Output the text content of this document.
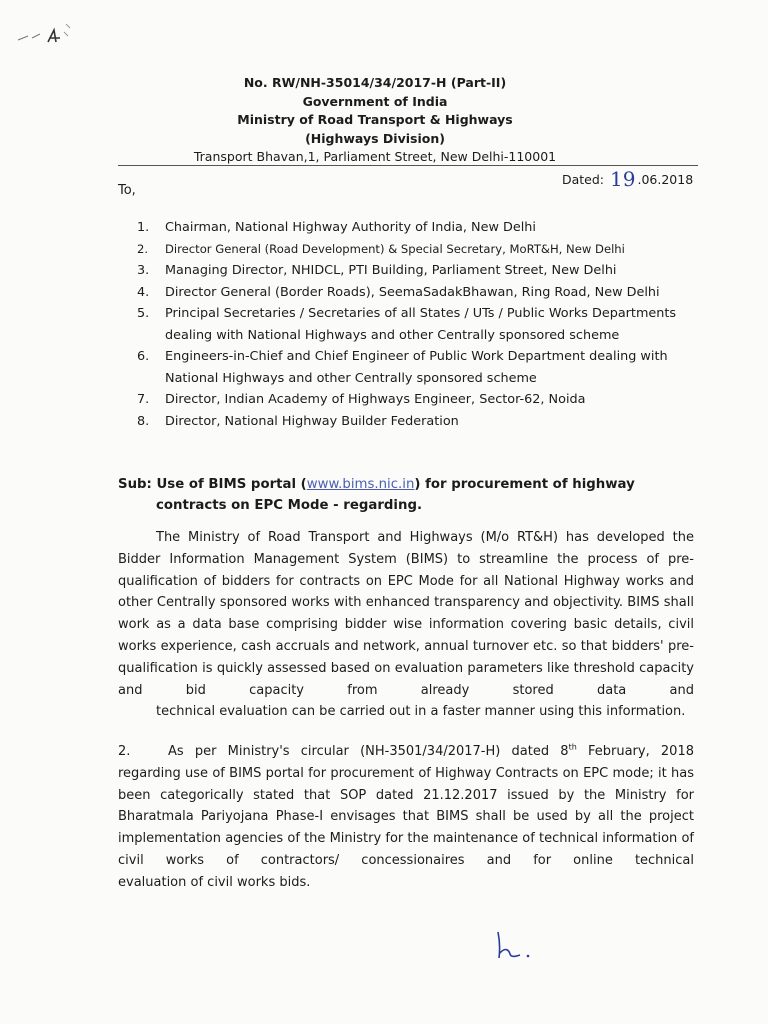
No. RW/NH-35014/34/2017-H (Part-II)
Government of India
Ministry of Road Transport & Highways
(Highways Division)
Transport Bhavan,1, Parliament Street, New Delhi-110001
Dated: 19 .06.2018
To,
1. Chairman, National Highway Authority of India, New Delhi
2. Director General (Road Development) & Special Secretary, MoRT&H, New Delhi
3. Managing Director, NHIDCL, PTI Building, Parliament Street, New Delhi
4. Director General (Border Roads), SeemaSadakBhawan, Ring Road, New Delhi
5. Principal Secretaries / Secretaries of all States / UTs / Public Works Departments dealing with National Highways and other Centrally sponsored scheme
6. Engineers-in-Chief and Chief Engineer of Public Work Department dealing with National Highways and other Centrally sponsored scheme
7. Director, Indian Academy of Highways Engineer, Sector-62, Noida
8. Director, National Highway Builder Federation
Sub: Use of BIMS portal (www.bims.nic.in) for procurement of highway
contracts on EPC Mode - regarding.
The Ministry of Road Transport and Highways (M/o RT&H) has developed the Bidder Information Management System (BIMS) to streamline the process of pre-qualification of bidders for contracts on EPC Mode for all National Highway works and other Centrally sponsored works with enhanced transparency and objectivity. BIMS shall work as a data base comprising bidder wise information covering basic details, civil works experience, cash accruals and network, annual turnover etc. so that bidders' pre-qualification is quickly assessed based on evaluation parameters like threshold capacity and bid capacity from already stored data and
technical evaluation can be carried out in a faster manner using this information.
2.	As per Ministry's circular (NH-3501/34/2017-H) dated 8th February, 2018 regarding use of BIMS portal for procurement of Highway Contracts on EPC mode; it has been categorically stated that SOP dated 21.12.2017 issued by the Ministry for Bharatmala Pariyojana Phase-I envisages that BIMS shall be used by all the project implementation agencies of the Ministry for the maintenance of technical information of civil works of contractors/ concessionaires and for online technical
evaluation of civil works bids.
